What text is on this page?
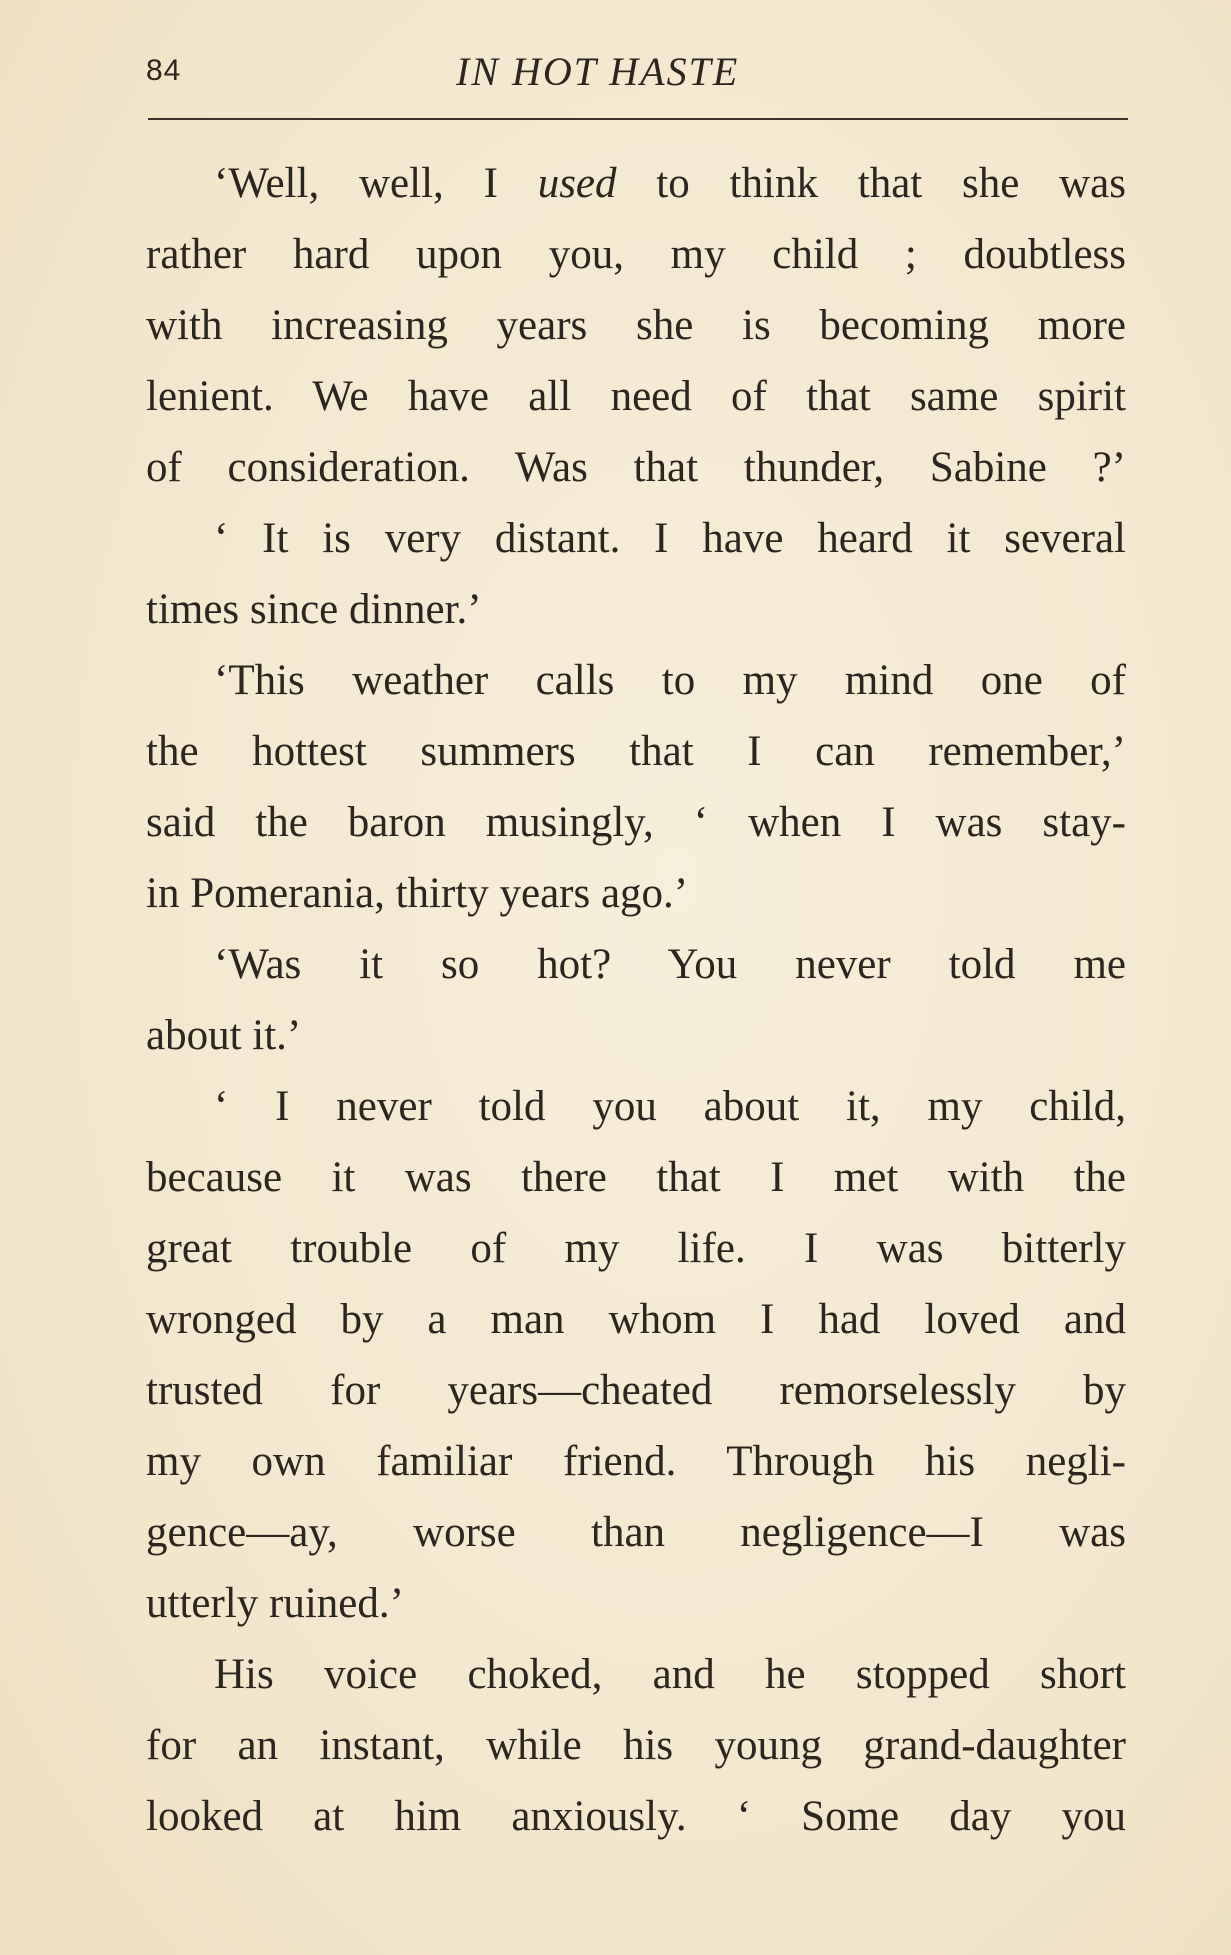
84	IN HOT HASTE
‘Well, well, I used to think that she was
rather hard upon you, my child ; doubtless
with increasing years she is becoming more
lenient. We have all need of that same spirit
of consideration. Was that thunder, Sabine ?’
‘ It is very distant. I have heard it several
times since dinner.’
‘This weather calls to my mind one of
the hottest summers that I can remember,’
said the baron musingly, ‘ when I was stay-
in Pomerania, thirty years ago.’
‘Was it so hot? You never told me
about it.’
‘ I never told you about it, my child,
because it was there that I met with the
great trouble of my life. I was bitterly
wronged by a man whom I had loved and
trusted for years—cheated remorselessly by
my own familiar friend. Through his negli-
gence—ay, worse than negligence—I was
utterly ruined.’
His voice choked, and he stopped short
for an instant, while his young grand-daughter
looked at him anxiously. ‘ Some day you
